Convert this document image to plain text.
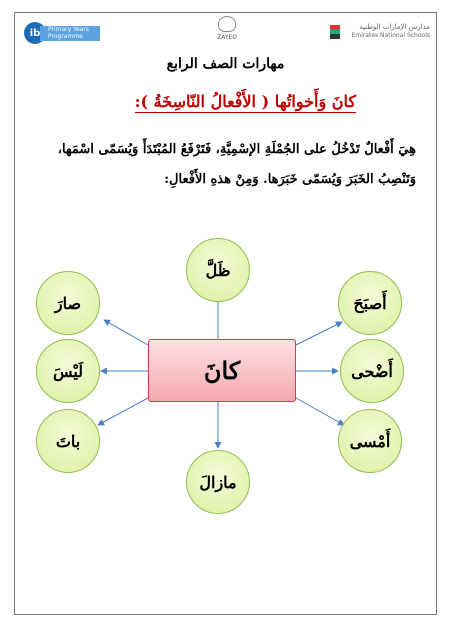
ib	Primary Years
Programme	ZAYED
مدارس الإمارات الوطنية
Emirates National Schools
مهارات الصف الرابع
كانَ وَأَخواتُها ( الأَفْعالُ النّاسِخَةُ ):
هِيَ أَفْعالٌ تَدْخُلُ على الجُمْلَةِ الإسْمِيَّةِ، فَتَرْفَعُ المُبْتَدَأَ وَيُسَمّى اسْمَها،
وَتَنْصِبُ الخَبَرَ وَيُسَمّى خَبَرَها. وَمِنْ هذهِ الأَفْعالِ:
كانَ
ظَلَّ
أَصبَحَ
أَضْحى
أَمْسى
مازالَ
باتَ
لَيْسَ
صارَ
